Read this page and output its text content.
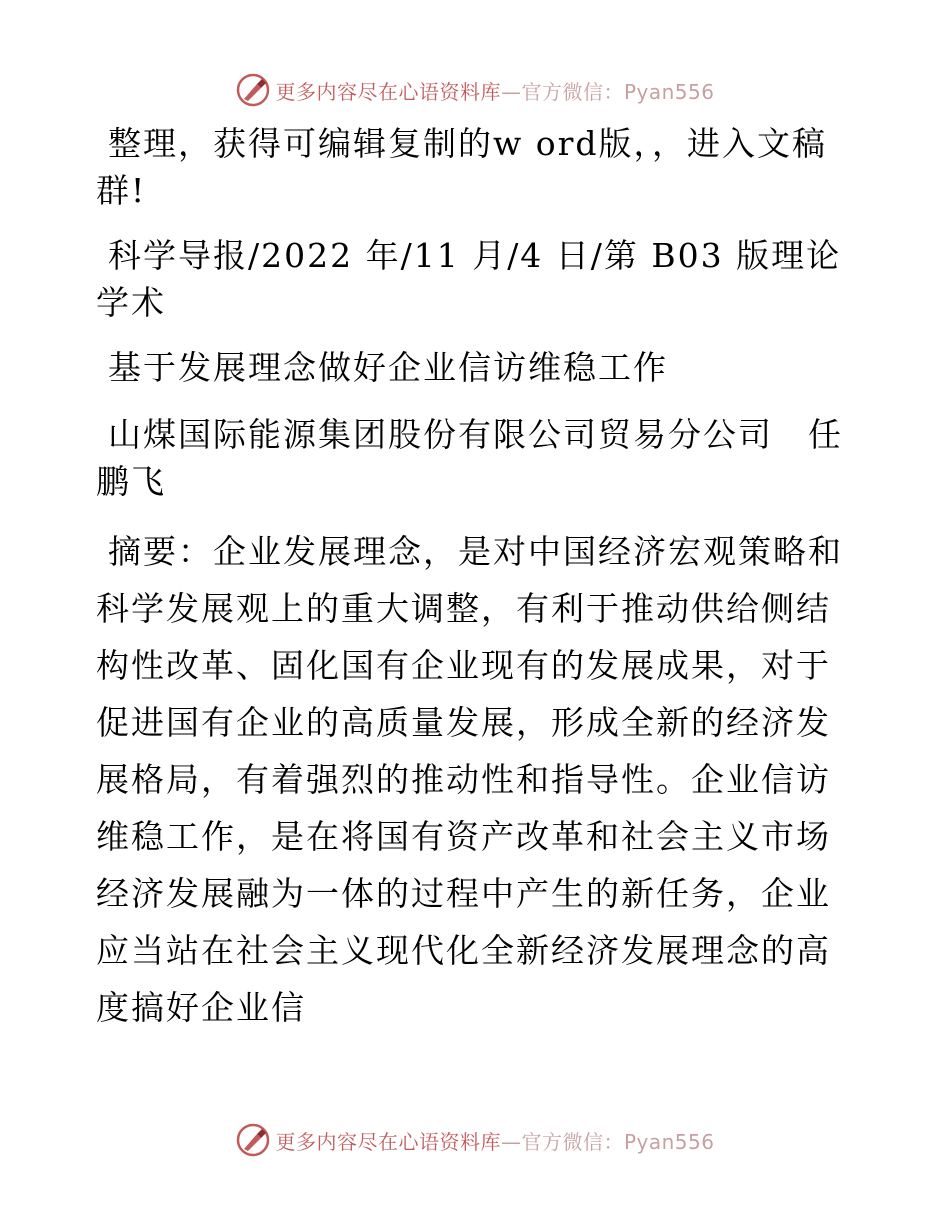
更多内容尽在心语资料库—官方微信：Pyan556

整理，获得可编辑复制的w ord版，，进入文稿群!

科学导报/2022 年/11 月/4 日/第 B03 版理论学术

基于发展理念做好企业信访维稳工作

山煤国际能源集团股份有限公司贸易分公司　任鹏飞

摘要：企业发展理念，是对中国经济宏观策略和科学发展观上的重大调整，有利于推动供给侧结构性改革、固化国有企业现有的发展成果，对于促进国有企业的高质量发展，形成全新的经济发展格局，有着强烈的推动性和指导性。企业信访维稳工作，是在将国有资产改革和社会主义市场经济发展融为一体的过程中产生的新任务，企业应当站在社会主义现代化全新经济发展理念的高度搞好企业信

更多内容尽在心语资料库—官方微信：Pyan556
